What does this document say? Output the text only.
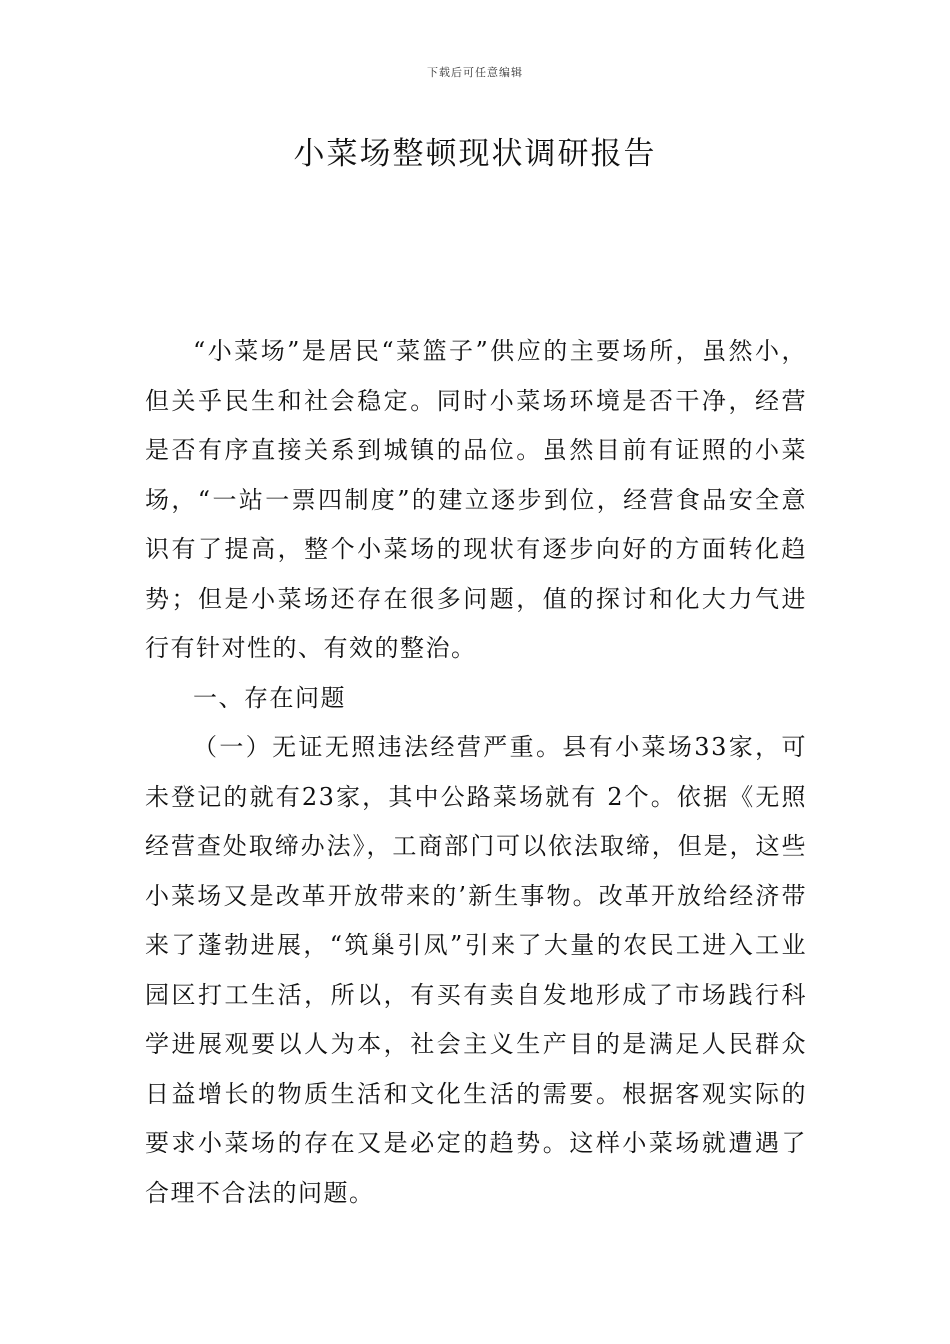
下载后可任意编辑
小菜场整顿现状调研报告

“小菜场”是居民“菜篮子”供应的主要场所，虽然小，但关乎民生和社会稳定。同时小菜场环境是否干净，经营是否有序直接关系到城镇的品位。虽然目前有证照的小菜场，“一站一票四制度”的建立逐步到位，经营食品安全意识有了提高，整个小菜场的现状有逐步向好的方面转化趋势；但是小菜场还存在很多问题，值的探讨和化大力气进行有针对性的、有效的整治。

一、存在问题

（一）无证无照违法经营严重。县有小菜场33家，可未登记的就有23家，其中公路菜场就有 2个。依据《无照经营查处取缔办法》，工商部门可以依法取缔，但是，这些小菜场又是改革开放带来的’新生事物。改革开放给经济带来了蓬勃进展，“筑巢引凤”引来了大量的农民工进入工业园区打工生活，所以，有买有卖自发地形成了市场践行科学进展观要以人为本，社会主义生产目的是满足人民群众日益增长的物质生活和文化生活的需要。根据客观实际的要求小菜场的存在又是必定的趋势。这样小菜场就遭遇了合理不合法的问题。
